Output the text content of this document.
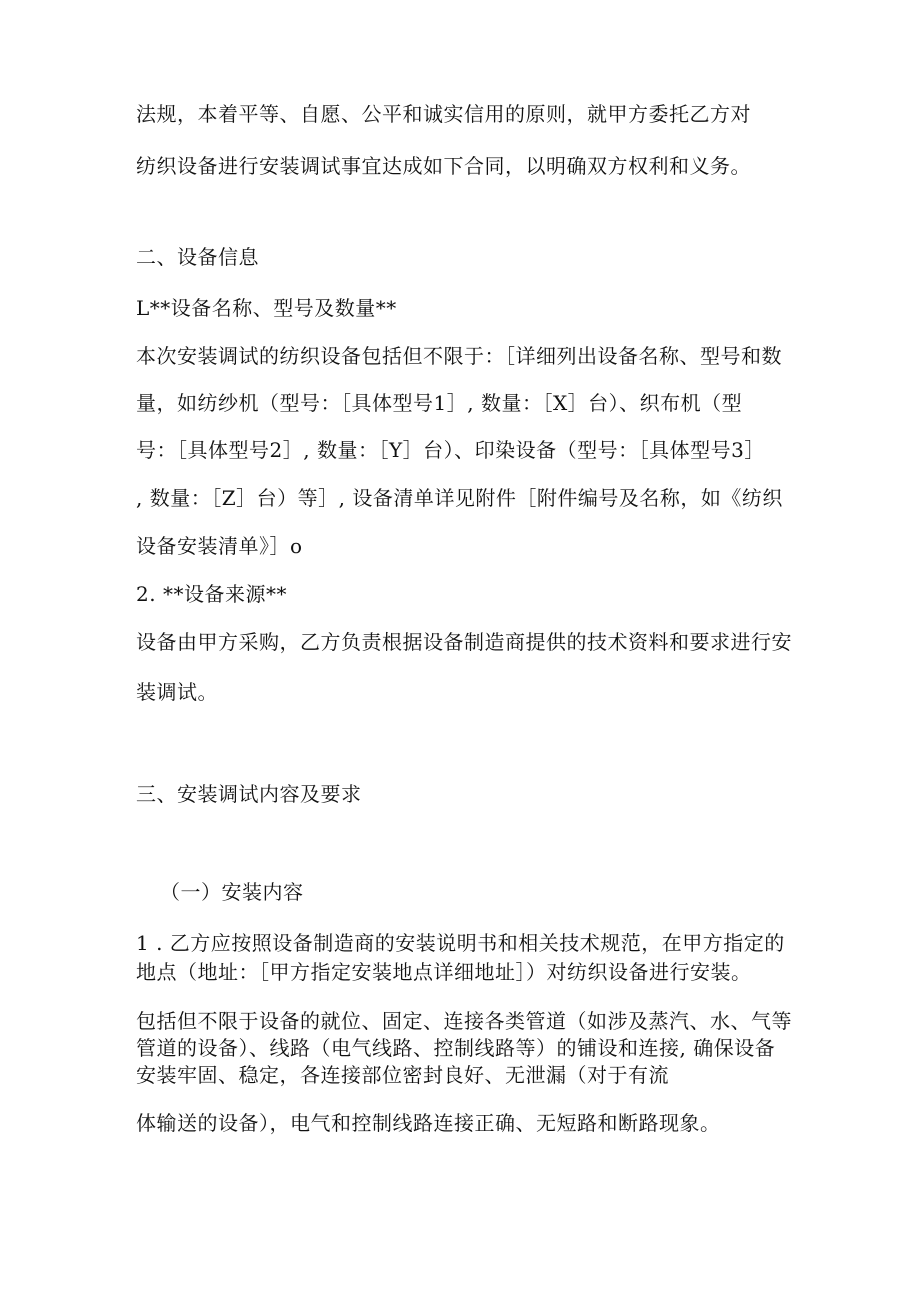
法规，本着平等、自愿、公平和诚实信用的原则，就甲方委托乙方对
纺织设备进行安装调试事宜达成如下合同，以明确双方权利和义务。
二、设备信息
L**设备名称、型号及数量**
本次安装调试的纺织设备包括但不限于：［详细列出设备名称、型号和数
量，如纺纱机（型号：［具体型号1］, 数量：［X］台）、织布机（型
号：［具体型号2］, 数量：［Y］台）、印染设备（型号：［具体型号3］
, 数量：［Z］台）等］, 设备清单详见附件［附件编号及名称，如《纺织
设备安装清单》］o
2. **设备来源**
设备由甲方采购，乙方负责根据设备制造商提供的技术资料和要求进行安
装调试。
三、安装调试内容及要求
（一）安装内容
1 . 乙方应按照设备制造商的安装说明书和相关技术规范，在甲方指定的
地点（地址：［甲方指定安装地点详细地址］）对纺织设备进行安装。
包括但不限于设备的就位、固定、连接各类管道（如涉及蒸汽、水、气等
管道的设备）、线路（电气线路、控制线路等）的铺设和连接, 确保设备
安装牢固、稳定，各连接部位密封良好、无泄漏（对于有流
体输送的设备），电气和控制线路连接正确、无短路和断路现象。
